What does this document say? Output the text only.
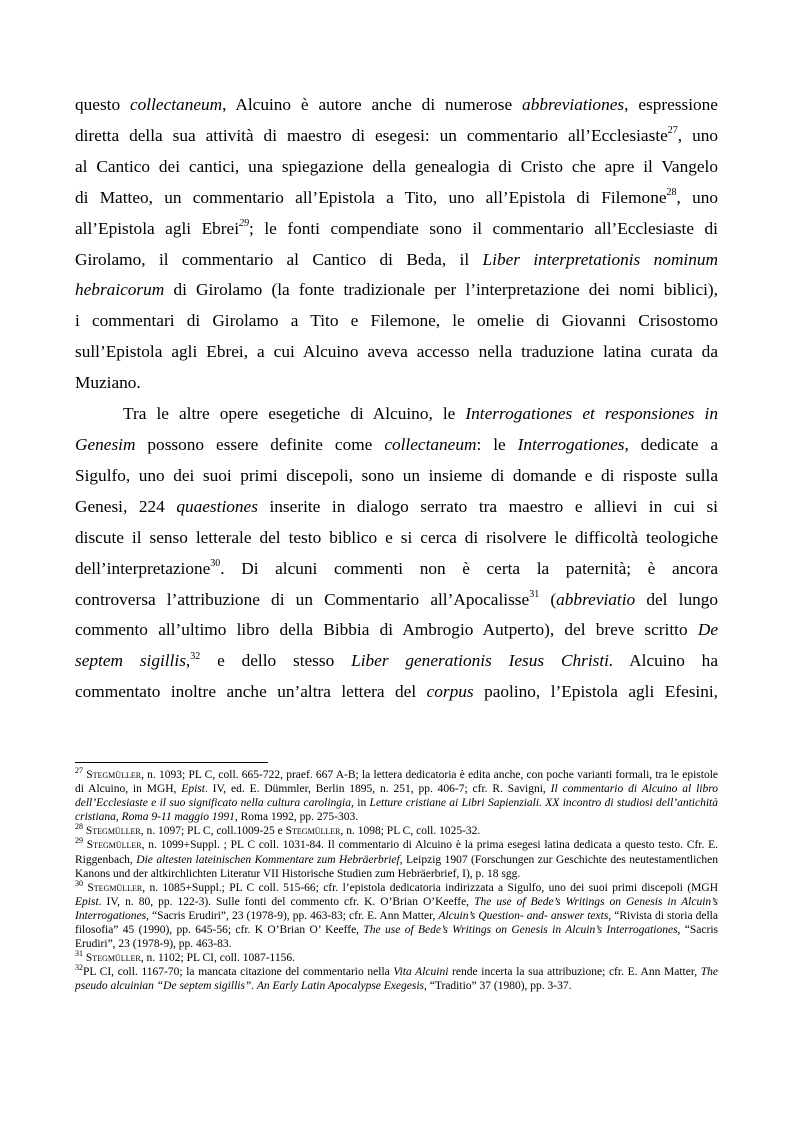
questo collectaneum, Alcuino è autore anche di numerose abbreviationes, espressione
diretta della sua attività di maestro di esegesi: un commentario all’Ecclesiaste$^{27}$, uno
al Cantico dei cantici, una spiegazione della genealogia di Cristo che apre il Vangelo
di Matteo, un commentario all’Epistola a Tito, uno all’Epistola di Filemone$^{28}$, uno
all’Epistola agli Ebrei$^{29}$; le fonti compendiate sono il commentario all’Ecclesiaste di
Girolamo, il commentario al Cantico di Beda, il Liber interpretationis nominum
hebraicorum di Girolamo (la fonte tradizionale per l’interpretazione dei nomi biblici),
i commentari di Girolamo a Tito e Filemone, le omelie di Giovanni Crisostomo
sull’Epistola agli Ebrei, a cui Alcuino aveva accesso nella traduzione latina curata da
Muziano.

Tra le altre opere esegetiche di Alcuino, le Interrogationes et responsiones in
Genesim possono essere definite come collectaneum: le Interrogationes, dedicate a
Sigulfo, uno dei suoi primi discepoli, sono un insieme di domande e di risposte sulla
Genesi, 224 quaestiones inserite in dialogo serrato tra maestro e allievi in cui si
discute il senso letterale del testo biblico e si cerca di risolvere le difficoltà teologiche
dell’interpretazione$^{30}$. Di alcuni commenti non è certa la paternità; è ancora
controversa l’attribuzione di un Commentario all’Apocalisse$^{31}$ (abbreviatio del lungo
commento all’ultimo libro della Bibbia di Ambrogio Autperto), del breve scritto De
septem sigillis,$^{32}$ e dello stesso Liber generationis Iesus Christi. Alcuino ha
commentato inoltre anche un’altra lettera del corpus paolino, l’Epistola agli Efesini,

$^{27}$ Stegmüller, n. 1093; PL C, coll. 665-722, praef. 667 A-B; la lettera dedicatoria è edita anche, con poche varianti formali, tra le epistole di Alcuino, in MGH, Epist. IV, ed. E. Dümmler, Berlin 1895, n. 251, pp. 406-7; cfr. R. Savigni, Il commentario di Alcuino al libro dell’Ecclesiaste e il suo significato nella cultura carolingia, in Letture cristiane ai Libri Sapienziali. XX incontro di studiosi dell’antichità cristiana, Roma 9-11 maggio 1991, Roma 1992, pp. 275-303.

$^{28}$ Stegmüller, n. 1097; PL C, coll.1009-25 e Stegmüller, n. 1098; PL C, coll. 1025-32.

$^{29}$ Stegmüller, n. 1099+Suppl. ; PL C coll. 1031-84. Il commentario di Alcuino è la prima esegesi latina dedicata a questo testo. Cfr. E. Riggenbach, Die altesten lateinischen Kommentare zum Hebräerbrief, Leipzig 1907 (Forschungen zur Geschichte des neutestamentlichen Kanons und der altkirchlichten Literatur VII Historische Studien zum Hebräerbrief, I), p. 18 sgg.

$^{30}$ Stegmüller, n. 1085+Suppl.; PL C coll. 515-66; cfr. l’epistola dedicatoria indirizzata a Sigulfo, uno dei suoi primi discepoli (MGH Epist. IV, n. 80, pp. 122-3). Sulle fonti del commento cfr. K. O’Brian O’Keeffe, The use of Bede’s Writings on Genesis in Alcuin’s Interrogationes, “Sacris Erudiri”, 23 (1978-9), pp. 463-83; cfr. E. Ann Matter, Alcuin’s Question- and- answer texts, “Rivista di storia della filosofia” 45 (1990), pp. 645-56; cfr. K O’Brian O’ Keeffe, The use of Bede’s Writings on Genesis in Alcuin’s Interrogationes, “Sacris Erudiri”, 23 (1978-9), pp. 463-83.

$^{31}$ Stegmüller, n. 1102; PL CI, coll. 1087-1156.

$^{32}$PL CI, coll. 1167-70; la mancata citazione del commentario nella Vita Alcuini rende incerta la sua attribuzione; cfr. E. Ann Matter, The pseudo alcuinian “De septem sigillis”. An Early Latin Apocalypse Exegesis, “Traditio” 37 (1980), pp. 3-37.
